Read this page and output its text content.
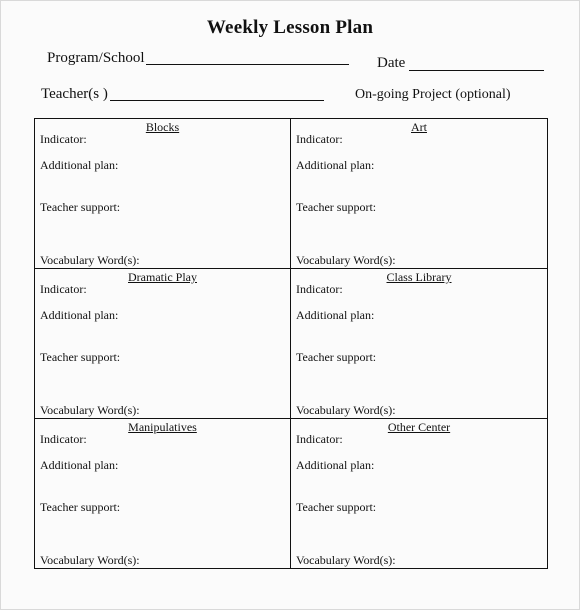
Weekly Lesson Plan
Program/School	Date
Teacher(s )	On-going Project (optional)
Blocks
Indicator:
Additional plan:
Teacher support:
Vocabulary Word(s):
Art
Indicator:
Additional plan:
Teacher support:
Vocabulary Word(s):
Dramatic Play
Indicator:
Additional plan:
Teacher support:
Vocabulary Word(s):
Class Library
Indicator:
Additional plan:
Teacher support:
Vocabulary Word(s):
Manipulatives
Indicator:
Additional plan:
Teacher support:
Vocabulary Word(s):
Other Center
Indicator:
Additional plan:
Teacher support:
Vocabulary Word(s):
